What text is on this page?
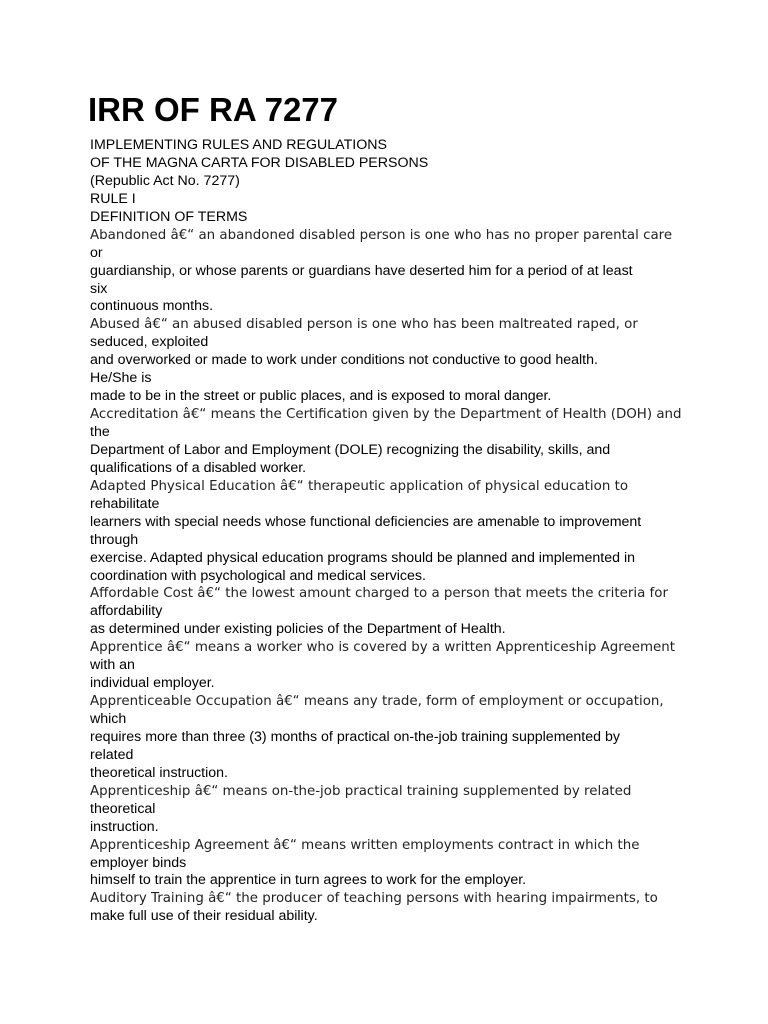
IRR OF RA 7277
IMPLEMENTING RULES AND REGULATIONS
OF THE MAGNA CARTA FOR DISABLED PERSONS
(Republic Act No. 7277)
RULE I
DEFINITION OF TERMS
Abandoned â€“ an abandoned disabled person is one who has no proper parental care
or
guardianship, or whose parents or guardians have deserted him for a period of at least
six
continuous months.
Abused â€“ an abused disabled person is one who has been maltreated raped, or
seduced, exploited
and overworked or made to work under conditions not conductive to good health.
He/She is
made to be in the street or public places, and is exposed to moral danger.
Accreditation â€“ means the Certification given by the Department of Health (DOH) and
the
Department of Labor and Employment (DOLE) recognizing the disability, skills, and
qualifications of a disabled worker.
Adapted Physical Education â€“ therapeutic application of physical education to
rehabilitate
learners with special needs whose functional deficiencies are amenable to improvement
through
exercise. Adapted physical education programs should be planned and implemented in
coordination with psychological and medical services.
Affordable Cost â€“ the lowest amount charged to a person that meets the criteria for
affordability
as determined under existing policies of the Department of Health.
Apprentice â€“ means a worker who is covered by a written Apprenticeship Agreement
with an
individual employer.
Apprenticeable Occupation â€“ means any trade, form of employment or occupation,
which
requires more than three (3) months of practical on-the-job training supplemented by
related
theoretical instruction.
Apprenticeship â€“ means on-the-job practical training supplemented by related
theoretical
instruction.
Apprenticeship Agreement â€“ means written employments contract in which the
employer binds
himself to train the apprentice in turn agrees to work for the employer.
Auditory Training â€“ the producer of teaching persons with hearing impairments, to
make full use of their residual ability.
